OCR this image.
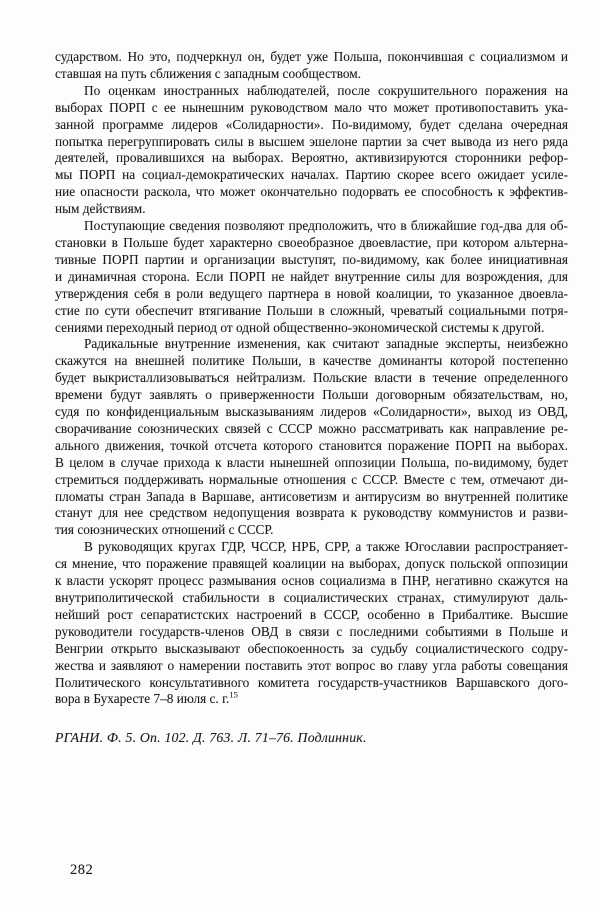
сударством. Но это, подчеркнул он, будет уже Польша, покончившая с социализмом и
ставшая на путь сближения с западным сообществом.
По оценкам иностранных наблюдателей, после сокрушительного поражения на
выборах ПОРП с ее нынешним руководством мало что может противопоставить ука-
занной программе лидеров «Солидарности». По-видимому, будет сделана очередная
попытка перегруппировать силы в высшем эшелоне партии за счет вывода из него ряда
деятелей, провалившихся на выборах. Вероятно, активизируются сторонники рефор-
мы ПОРП на социал-демократических началах. Партию скорее всего ожидает усиле-
ние опасности раскола, что может окончательно подорвать ее способность к эффектив-
ным действиям.
Поступающие сведения позволяют предположить, что в ближайшие год-два для об-
становки в Польше будет характерно своеобразное двоевластие, при котором альтерна-
тивные ПОРП партии и организации выступят, по-видимому, как более инициативная
и динамичная сторона. Если ПОРП не найдет внутренние силы для возрождения, для
утверждения себя в роли ведущего партнера в новой коалиции, то указанное двоевла-
стие по сути обеспечит втягивание Польши в сложный, чреватый социальными потря-
сениями переходный период от одной общественно-экономической системы к другой.
Радикальные внутренние изменения, как считают западные эксперты, неизбежно
скажутся на внешней политике Польши, в качестве доминанты которой постепенно
будет выкристаллизовываться нейтрализм. Польские власти в течение определенного
времени будут заявлять о приверженности Польши договорным обязательствам, но,
судя по конфиденциальным высказываниям лидеров «Солидарности», выход из ОВД,
сворачивание союзнических связей с СССР можно рассматривать как направление ре-
ального движения, точкой отсчета которого становится поражение ПОРП на выборах.
В целом в случае прихода к власти нынешней оппозиции Польша, по-видимому, будет
стремиться поддерживать нормальные отношения с СССР. Вместе с тем, отмечают ди-
пломаты стран Запада в Варшаве, антисоветизм и антирусизм во внутренней политике
станут для нее средством недопущения возврата к руководству коммунистов и разви-
тия союзнических отношений с СССР.
В руководящих кругах ГДР, ЧССР, НРБ, СРР, а также Югославии распространяет-
ся мнение, что поражение правящей коалиции на выборах, допуск польской оппозиции
к власти ускорят процесс размывания основ социализма в ПНР, негативно скажутся на
внутриполитической стабильности в социалистических странах, стимулируют даль-
нейший рост сепаратистских настроений в СССР, особенно в Прибалтике. Высшие
руководители государств-членов ОВД в связи с последними событиями в Польше и
Венгрии открыто высказывают обеспокоенность за судьбу социалистического содру-
жества и заявляют о намерении поставить этот вопрос во главу угла работы совещания
Политического консультативного комитета государств-участников Варшавского дого-
вора в Бухаресте 7–8 июля с. г.$^{15}$
РГАНИ. Ф. 5. Оп. 102. Д. 763. Л. 71–76. Подлинник.
282
